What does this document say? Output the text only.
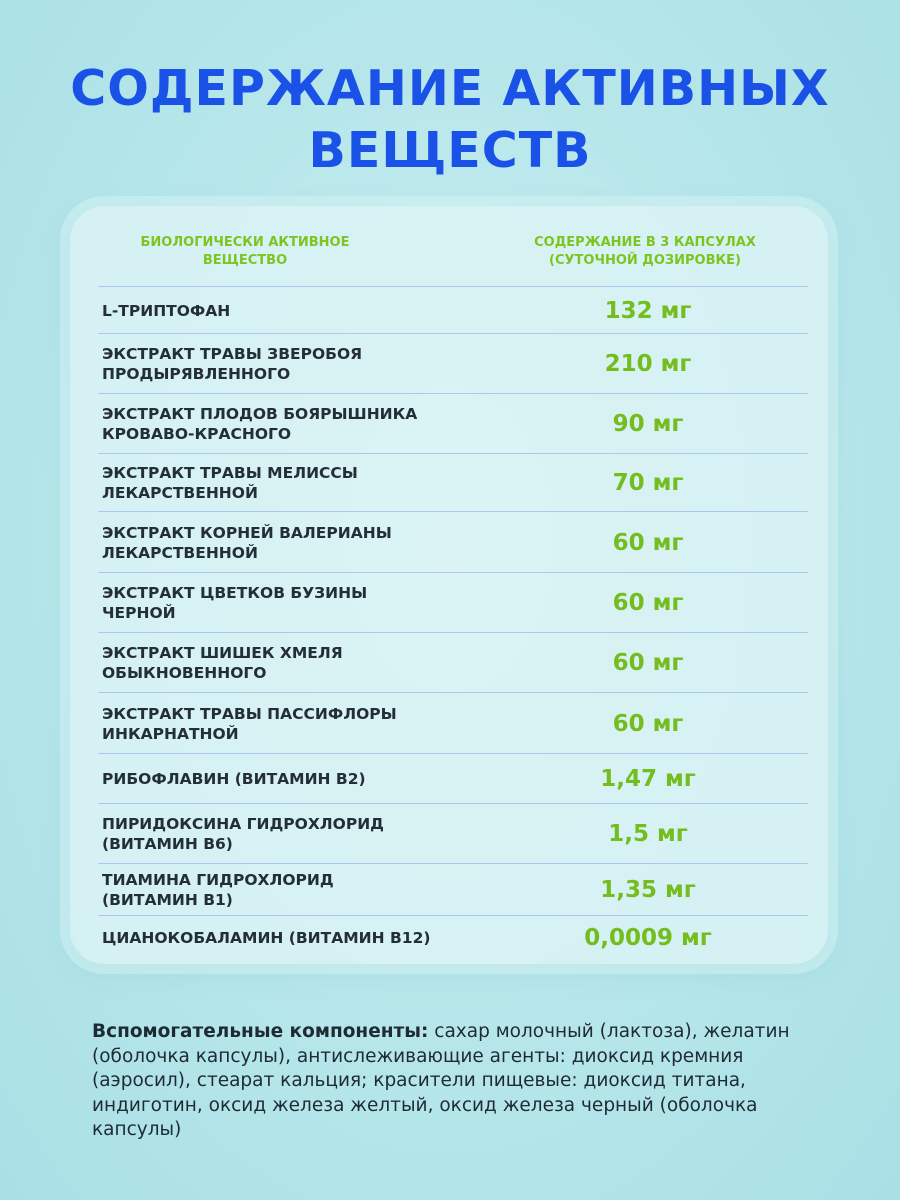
СОДЕРЖАНИЕ АКТИВНЫХ
ВЕЩЕСТВ
БИОЛОГИЧЕСКИ АКТИВНОЕ
ВЕЩЕСТВО
СОДЕРЖАНИЕ В 3 КАПСУЛАХ
(СУТОЧНОЙ ДОЗИРОВКЕ)
L-ТРИПТОФАН	132 мг
ЭКСТРАКТ ТРАВЫ ЗВЕРОБОЯ
ПРОДЫРЯВЛЕННОГО	210 мг
ЭКСТРАКТ ПЛОДОВ БОЯРЫШНИКА
КРОВАВО-КРАСНОГО	90 мг
ЭКСТРАКТ ТРАВЫ МЕЛИССЫ
ЛЕКАРСТВЕННОЙ	70 мг
ЭКСТРАКТ КОРНЕЙ ВАЛЕРИАНЫ
ЛЕКАРСТВЕННОЙ	60 мг
ЭКСТРАКТ ЦВЕТКОВ БУЗИНЫ
ЧЕРНОЙ	60 мг
ЭКСТРАКТ ШИШЕК ХМЕЛЯ
ОБЫКНОВЕННОГО	60 мг
ЭКСТРАКТ ТРАВЫ ПАССИФЛОРЫ
ИНКАРНАТНОЙ	60 мг
РИБОФЛАВИН (ВИТАМИН В2)	1,47 мг
ПИРИДОКСИНА ГИДРОХЛОРИД
(ВИТАМИН В6)	1,5 мг
ТИАМИНА ГИДРОХЛОРИД
(ВИТАМИН В1)	1,35 мг
ЦИАНОКОБАЛАМИН (ВИТАМИН В12)	0,0009 мг
Вспомогательные компоненты: сахар молочный (лактоза), желатин (оболочка капсулы), антислеживающие агенты: диоксид кремния (аэросил), стеарат кальция; красители пищевые: диоксид титана, индиготин, оксид железа желтый, оксид железа черный (оболочка капсулы)
